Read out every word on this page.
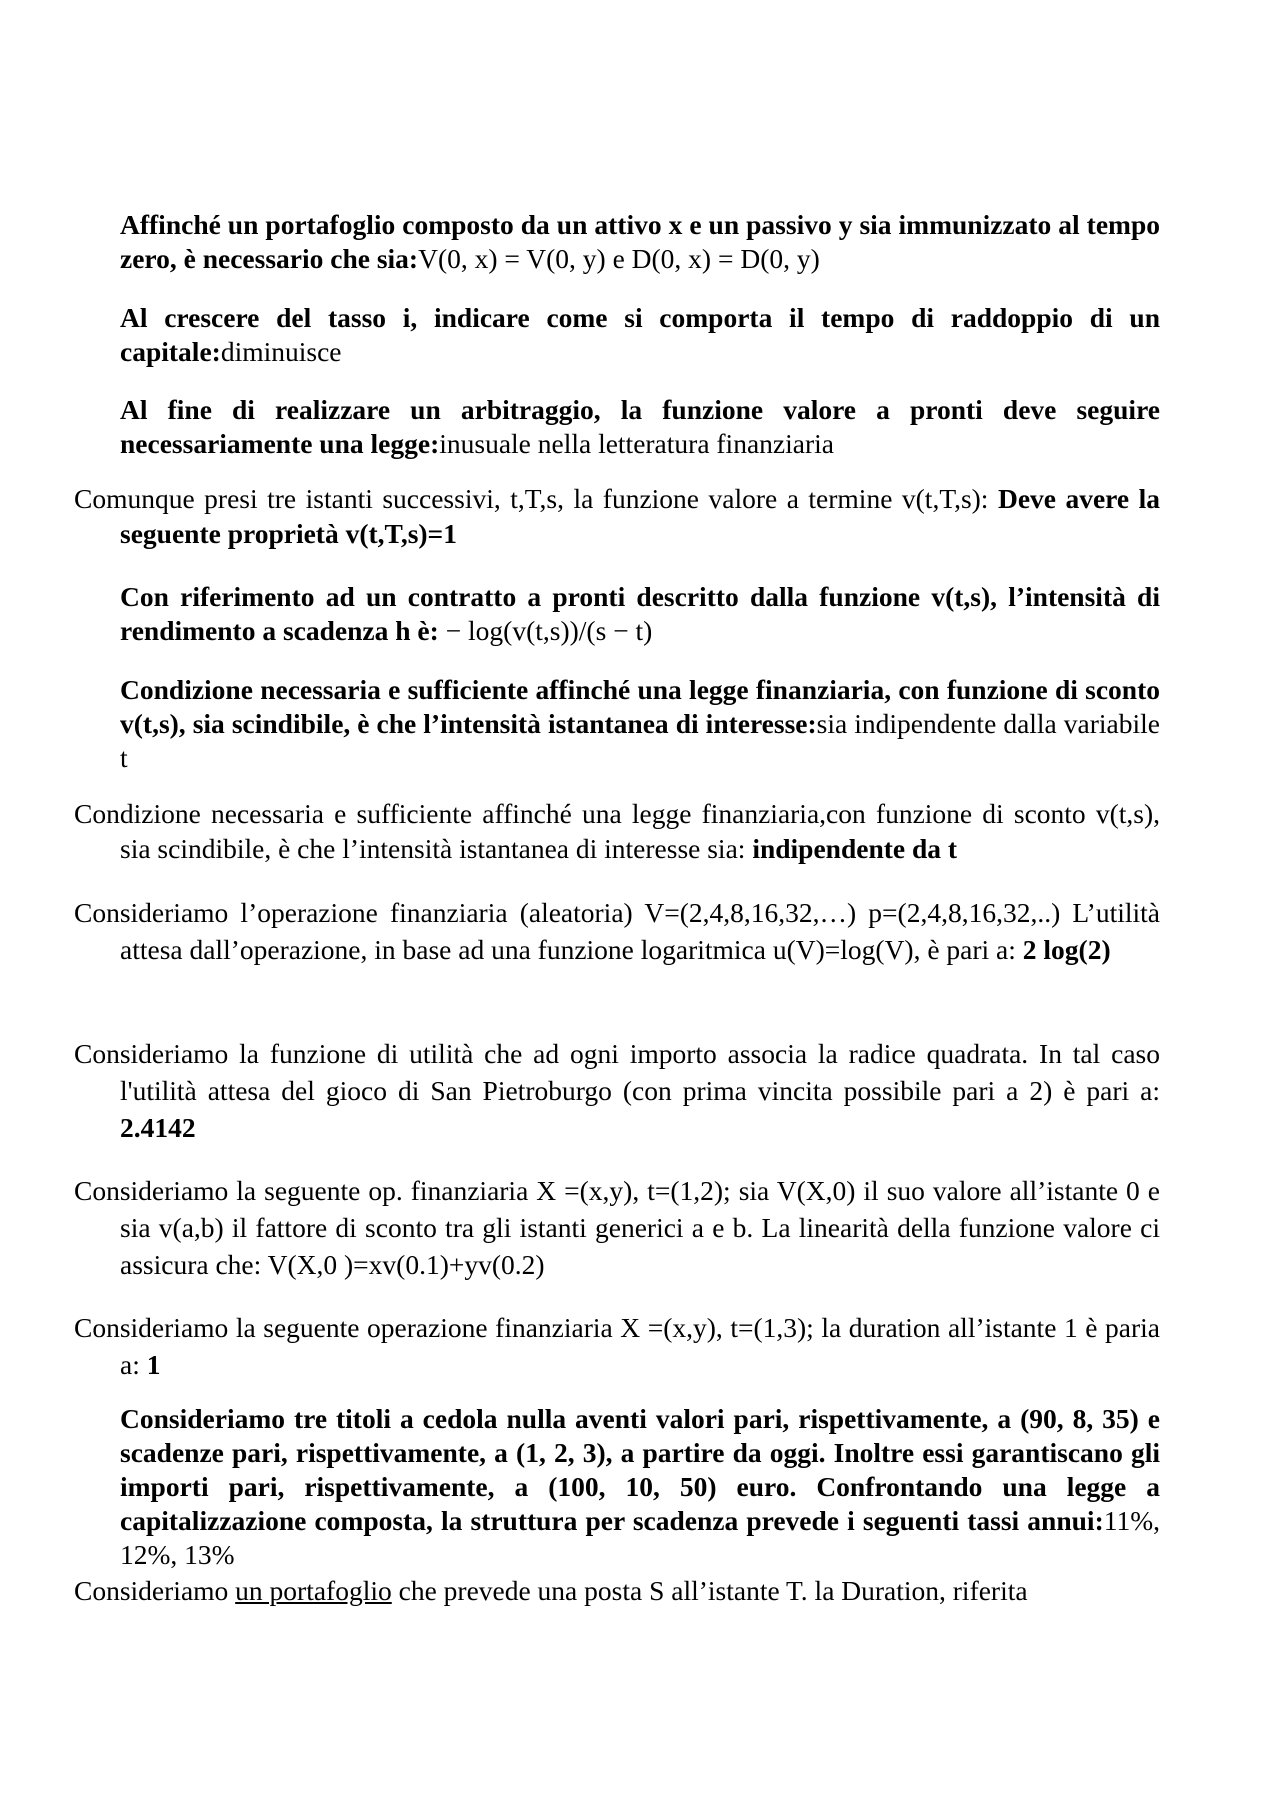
Affinché un portafoglio composto da un attivo x e un passivo y sia immunizzato al tempo zero, è necessario che sia:V(0, x) = V(0, y) e D(0, x) = D(0, y)
Al crescere del tasso i, indicare come si comporta il tempo di raddoppio di un capitale:diminuisce
Al fine di realizzare un arbitraggio, la funzione valore a pronti deve seguire necessariamente una legge:inusuale nella letteratura finanziaria
Comunque presi tre istanti successivi, t,T,s, la funzione valore a termine v(t,T,s): Deve avere la seguente proprietà v(t,T,s)=1
Con riferimento ad un contratto a pronti descritto dalla funzione v(t,s), l’intensità di rendimento a scadenza h è: − log(v(t,s))/(s − t)
Condizione necessaria e sufficiente affinché una legge finanziaria, con funzione di sconto v(t,s), sia scindibile, è che l’intensità istantanea di interesse:sia indipendente dalla variabile t
Condizione necessaria e sufficiente affinché una legge finanziaria,con funzione di sconto v(t,s), sia scindibile, è che l’intensità istantanea di interesse sia: indipendente da t
Consideriamo l’operazione finanziaria (aleatoria) V=(2,4,8,16,32,…) p=(2,4,8,16,32,..) L’utilità attesa dall’operazione, in base ad una funzione logaritmica u(V)=log(V), è pari a: 2 log(2)
Consideriamo la funzione di utilità che ad ogni importo associa la radice quadrata. In tal caso l'utilità attesa del gioco di San Pietroburgo (con prima vincita possibile pari a 2) è pari a: 2.4142
Consideriamo la seguente op. finanziaria X =(x,y), t=(1,2); sia V(X,0) il suo valore all’istante 0 e sia v(a,b) il fattore di sconto tra gli istanti generici a e b. La linearità della funzione valore ci assicura che: V(X,0 )=xv(0.1)+yv(0.2)
Consideriamo la seguente operazione finanziaria X =(x,y), t=(1,3); la duration all’istante 1 è paria a: 1
Consideriamo tre titoli a cedola nulla aventi valori pari, rispettivamente, a (90, 8, 35) e scadenze pari, rispettivamente, a (1, 2, 3), a partire da oggi. Inoltre essi garantiscano gli importi pari, rispettivamente, a (100, 10, 50) euro. Confrontando una legge a capitalizzazione composta, la struttura per scadenza prevede i seguenti tassi annui:11%, 12%, 13%
Consideriamo un portafoglio che prevede una posta S all’istante T. la Duration, riferita
